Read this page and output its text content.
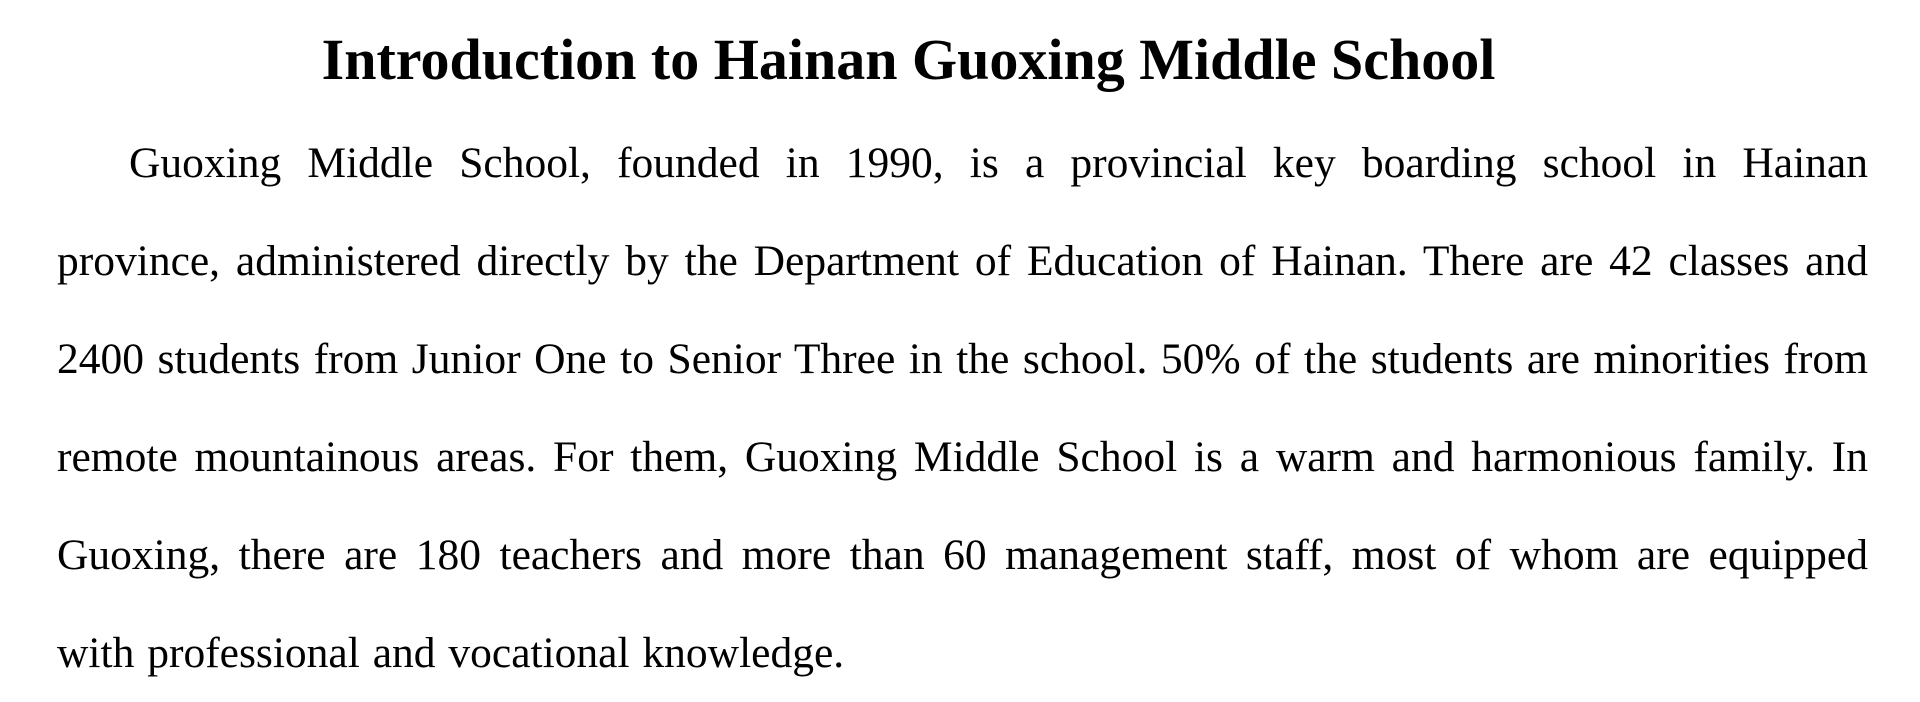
Introduction to Hainan Guoxing Middle School

Guoxing Middle School, founded in 1990, is a provincial key boarding school in Hainan province, administered directly by the Department of Education of Hainan. There are 42 classes and 2400 students from Junior One to Senior Three in the school. 50% of the students are minorities from remote mountainous areas. For them, Guoxing Middle School is a warm and harmonious family. In Guoxing, there are 180 teachers and more than 60 management staff, most of whom are equipped with professional and vocational knowledge.
